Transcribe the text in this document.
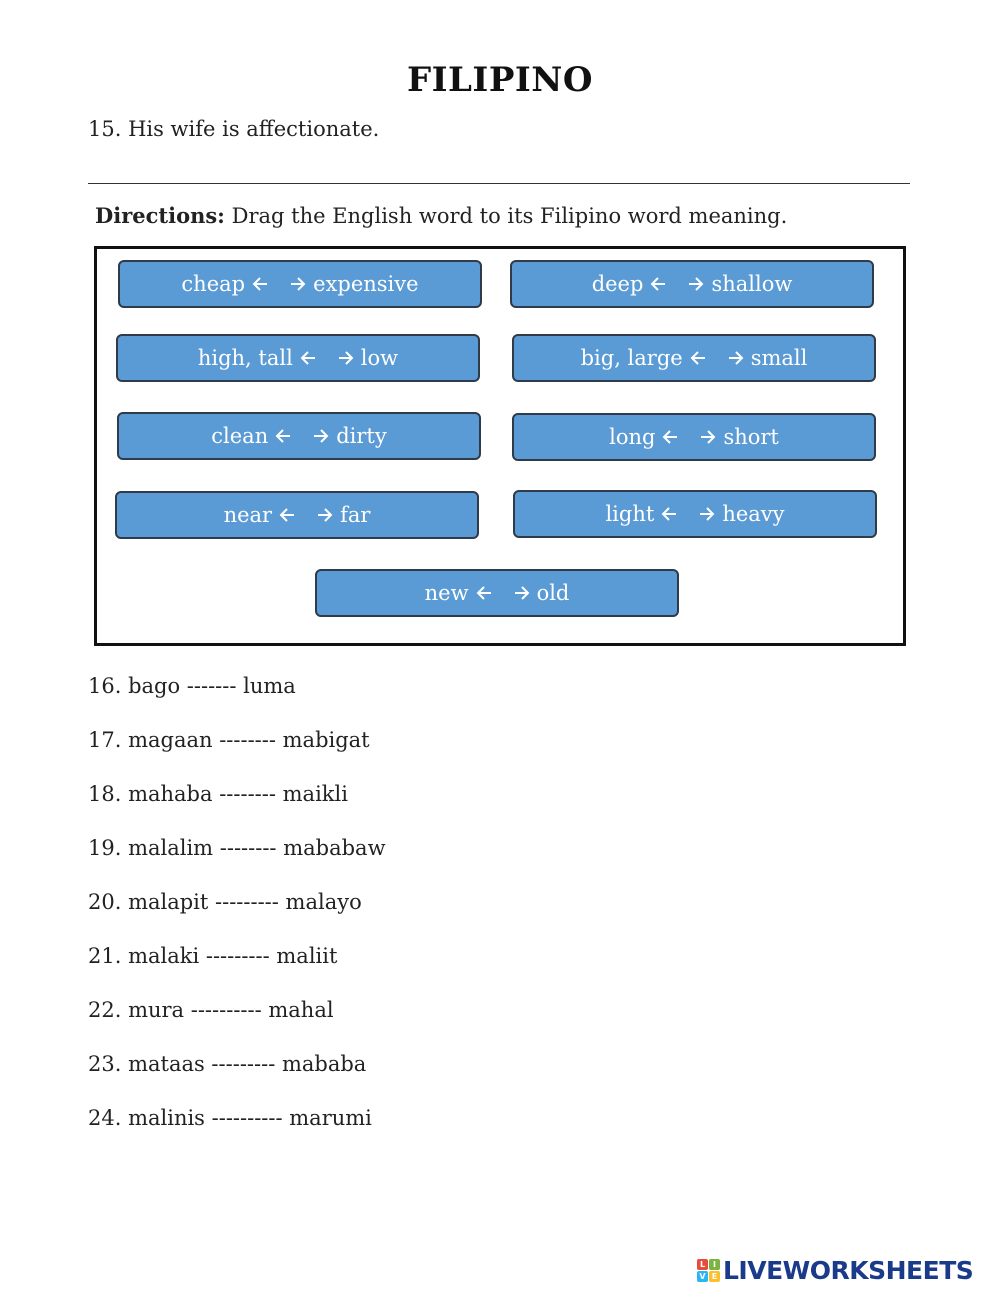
FILIPINO
15. His wife is affectionate.
Directions: Drag the English word to its Filipino word meaning.
cheap	expensive	deep	shallow
high, tall	low	big, large	small
clean	dirty	long	short
near	far	light	heavy
new	old
16. bago ------- luma
17. magaan -------- mabigat
18. mahaba -------- maikli
19. malalim -------- mababaw
20. malapit --------- malayo
21. malaki --------- maliit
22. mura ---------- mahal
23. mataas --------- mababa
24. malinis ---------- marumi
L I
V E LIVEWORKSHEETS
